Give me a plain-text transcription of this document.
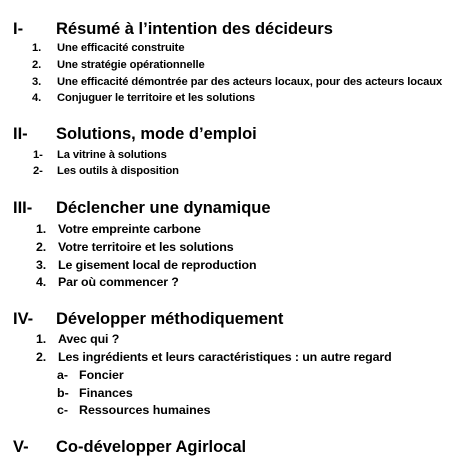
I- Résumé à l’intention des décideurs
1. Une efficacité construite
2. Une stratégie opérationnelle
3. Une efficacité démontrée par des acteurs locaux, pour des acteurs locaux
4. Conjuguer le territoire et les solutions
II- Solutions, mode d’emploi
1- La vitrine à solutions
2- Les outils à disposition
III- Déclencher une dynamique
1. Votre empreinte carbone
2. Votre territoire et les solutions
3. Le gisement local de reproduction
4. Par où commencer ?
IV- Développer méthodiquement
1. Avec qui ?
2. Les ingrédients et leurs caractéristiques : un autre regard
a- Foncier
b- Finances
c- Ressources humaines
V- Co-développer Agirlocal
